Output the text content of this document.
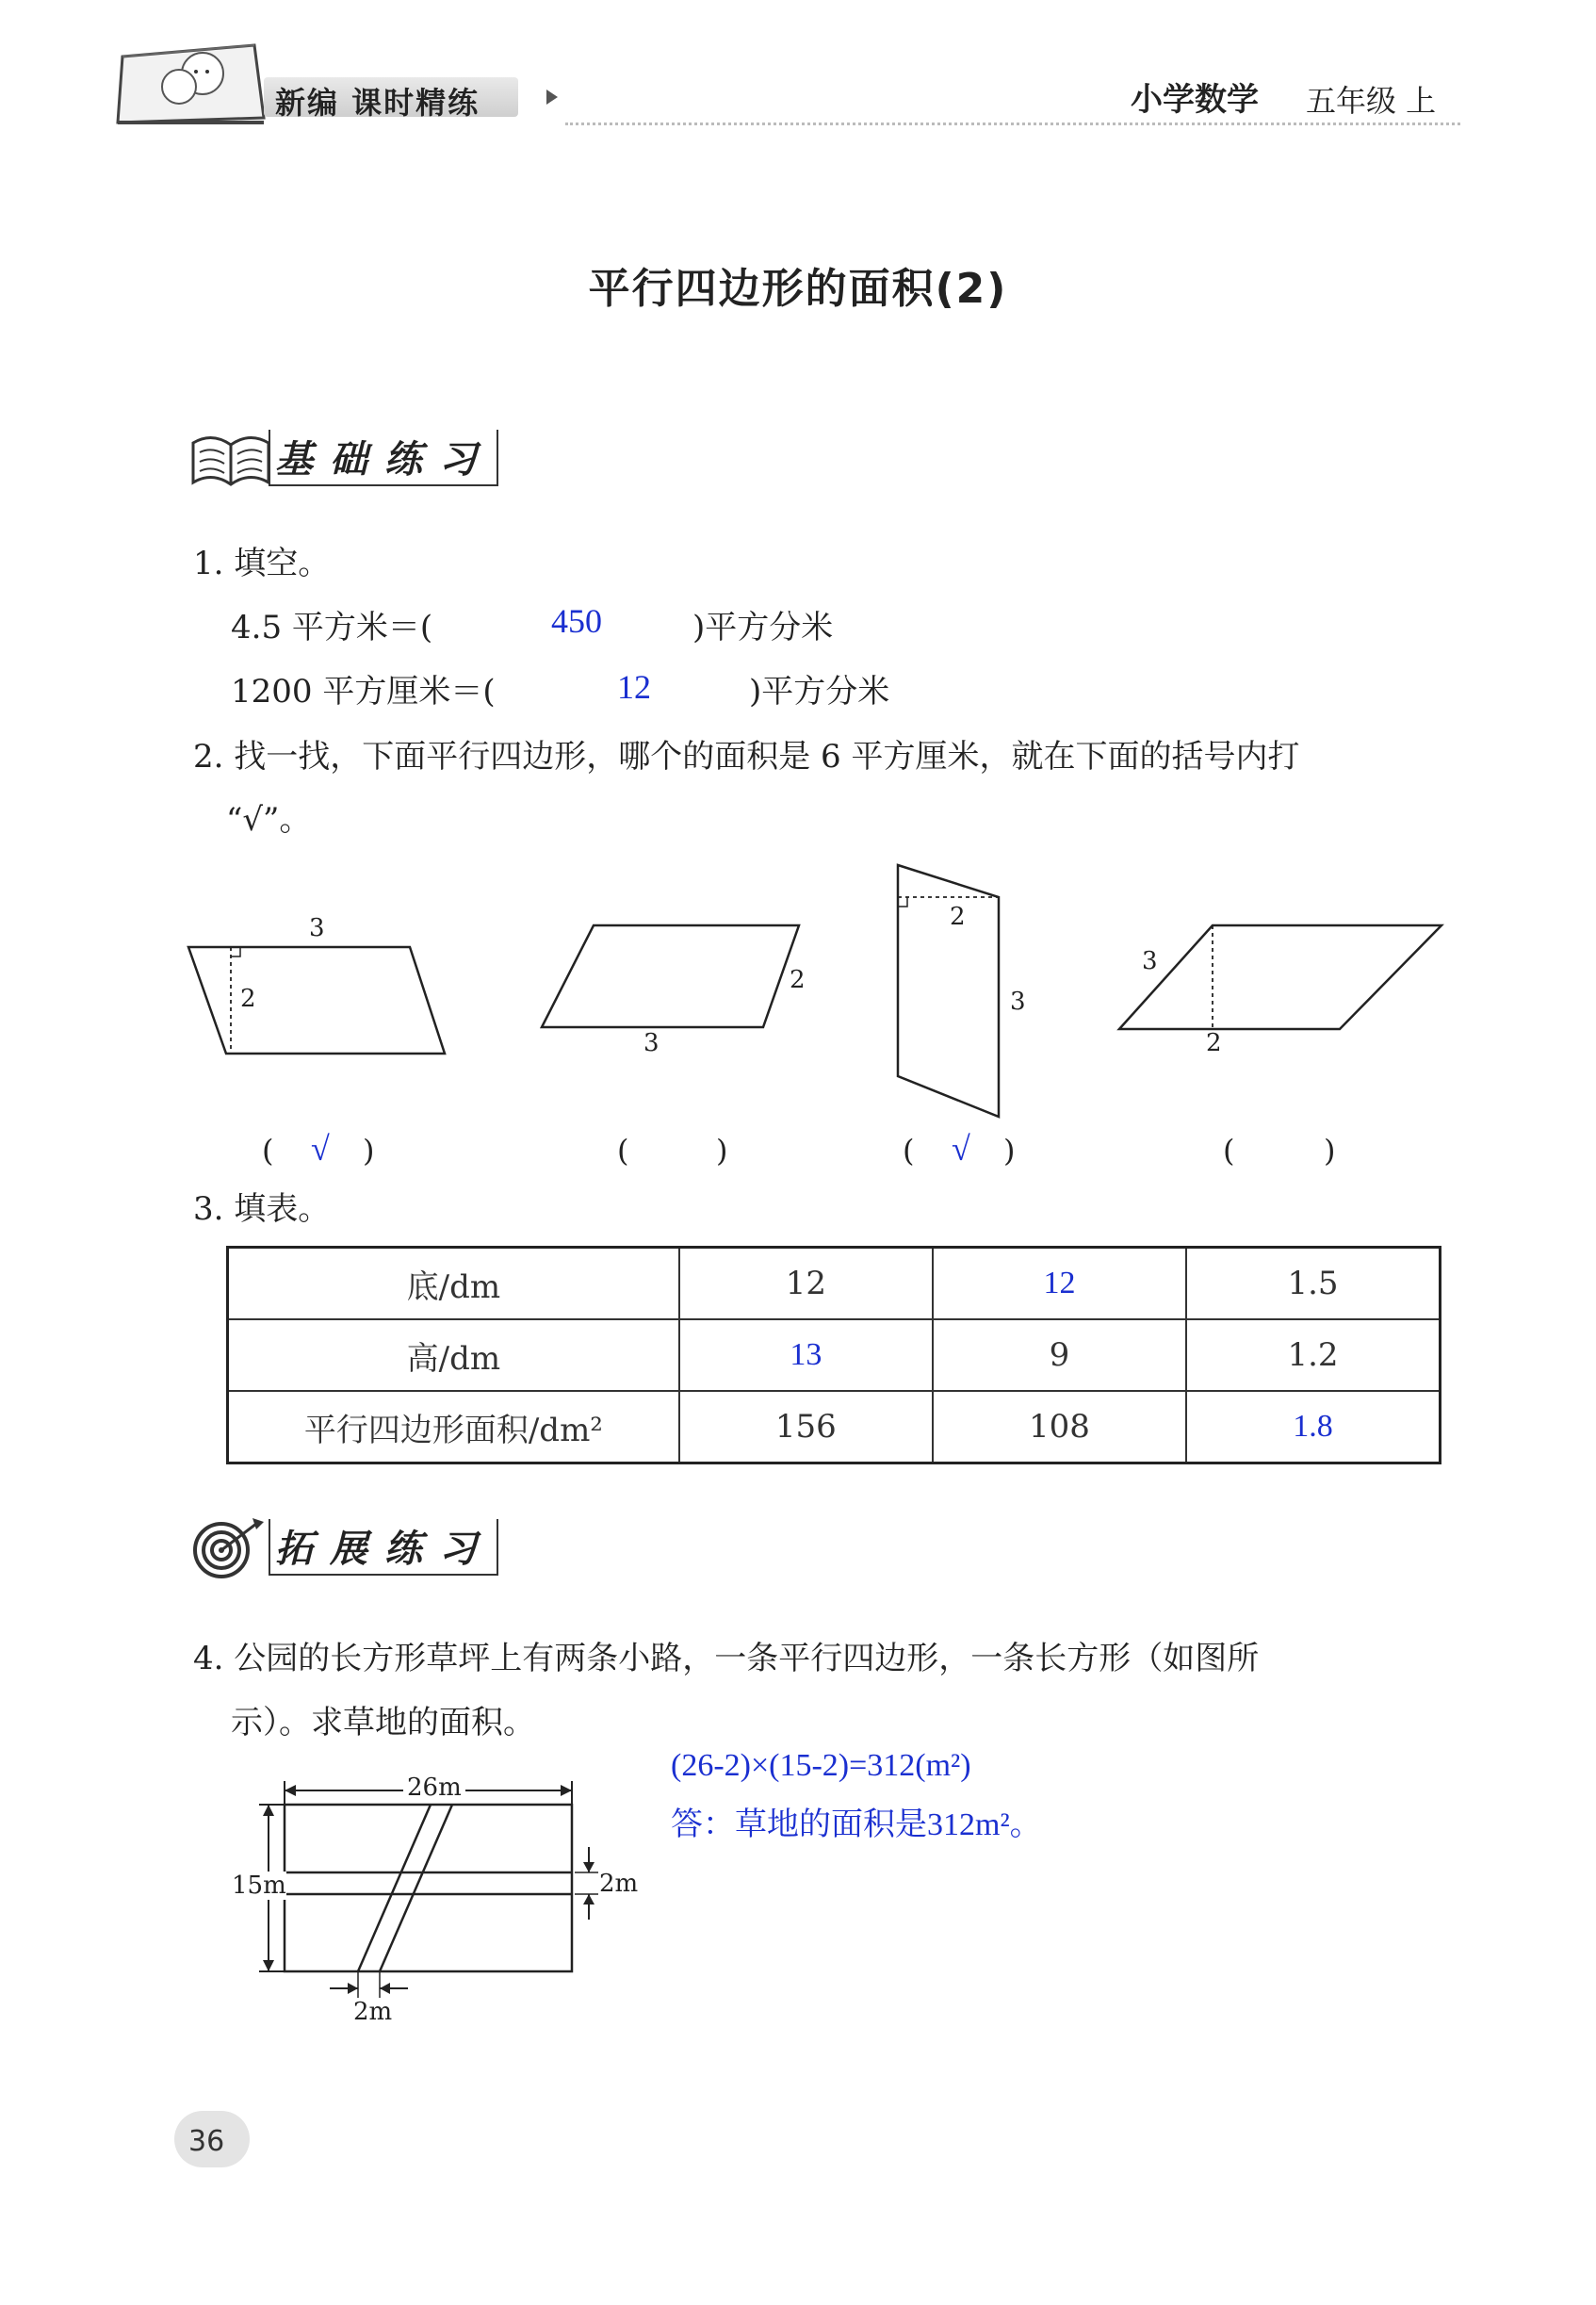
新编 课时精练	小学数学 五年级 上
平行四边形的面积(2)
基础练习
1. 填空。
4.5 平方米＝(	450	)平方分米
1200 平方厘米＝(	12	)平方分米
2. 找一找，下面平行四边形，哪个的面积是 6 平方厘米，就在下面的括号内打
“√”。
3
2
2
3
2
3
3
2
( √ )	(	)	( √ )	(	)
3. 填表。
底/dm	12	12	1.5
高/dm	13	9	1.2
平行四边形面积/dm²	156	108	1.8
拓展练习
4. 公园的长方形草坪上有两条小路，一条平行四边形，一条长方形（如图所
示）。求草地的面积。
26m
15m	2m
2m
(26-2)×(15-2)=312(m²)
答：草地的面积是312m²。
36
